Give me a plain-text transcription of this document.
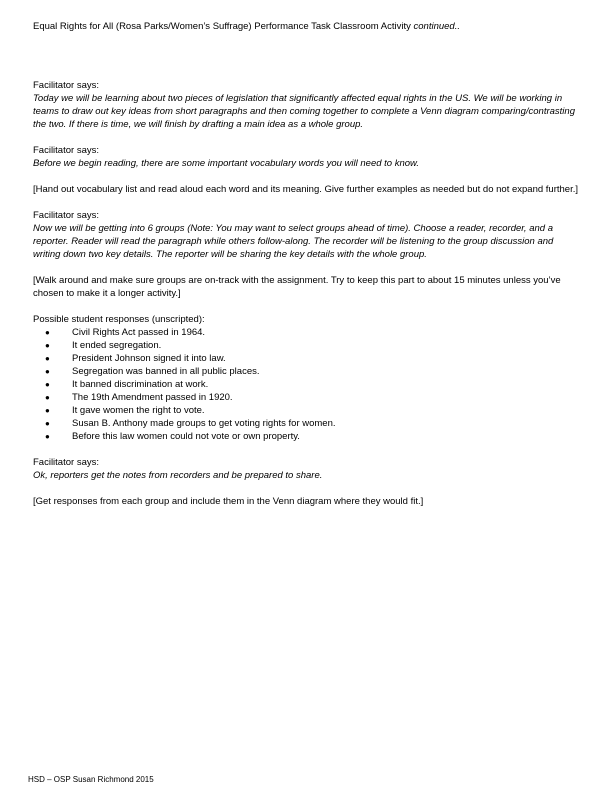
Equal Rights for All (Rosa Parks/Women’s Suffrage) Performance Task Classroom Activity continued..

Facilitator says:

Today we will be learning about two pieces of legislation that significantly affected equal rights in the US. We will be working in teams to draw out key ideas from short paragraphs and then coming together to complete a Venn diagram comparing/contrasting the two. If there is time, we will finish by drafting a main idea as a whole group.

Facilitator says:

Before we begin reading, there are some important vocabulary words you will need to know.

[Hand out vocabulary list and read aloud each word and its meaning. Give further examples as needed but do not expand further.]

Facilitator says:

Now we will be getting into 6 groups (Note: You may want to select groups ahead of time). Choose a reader, recorder, and a reporter. Reader will read the paragraph while others follow-along. The recorder will be listening to the group discussion and writing down two key details. The reporter will be sharing the key details with the whole group.

[Walk around and make sure groups are on-track with the assignment. Try to keep this part to about 15 minutes unless you’ve chosen to make it a longer activity.]

Possible student responses (unscripted):

●	Civil Rights Act passed in 1964.
●	It ended segregation.
●	President Johnson signed it into law.
●	Segregation was banned in all public places.
●	It banned discrimination at work.
●	The 19th Amendment passed in 1920.
●	It gave women the right to vote.
●	Susan B. Anthony made groups to get voting rights for women.
●	Before this law women could not vote or own property.

Facilitator says:

Ok, reporters get the notes from recorders and be prepared to share.

[Get responses from each group and include them in the Venn diagram where they would fit.]

HSD – OSP Susan Richmond 2015
